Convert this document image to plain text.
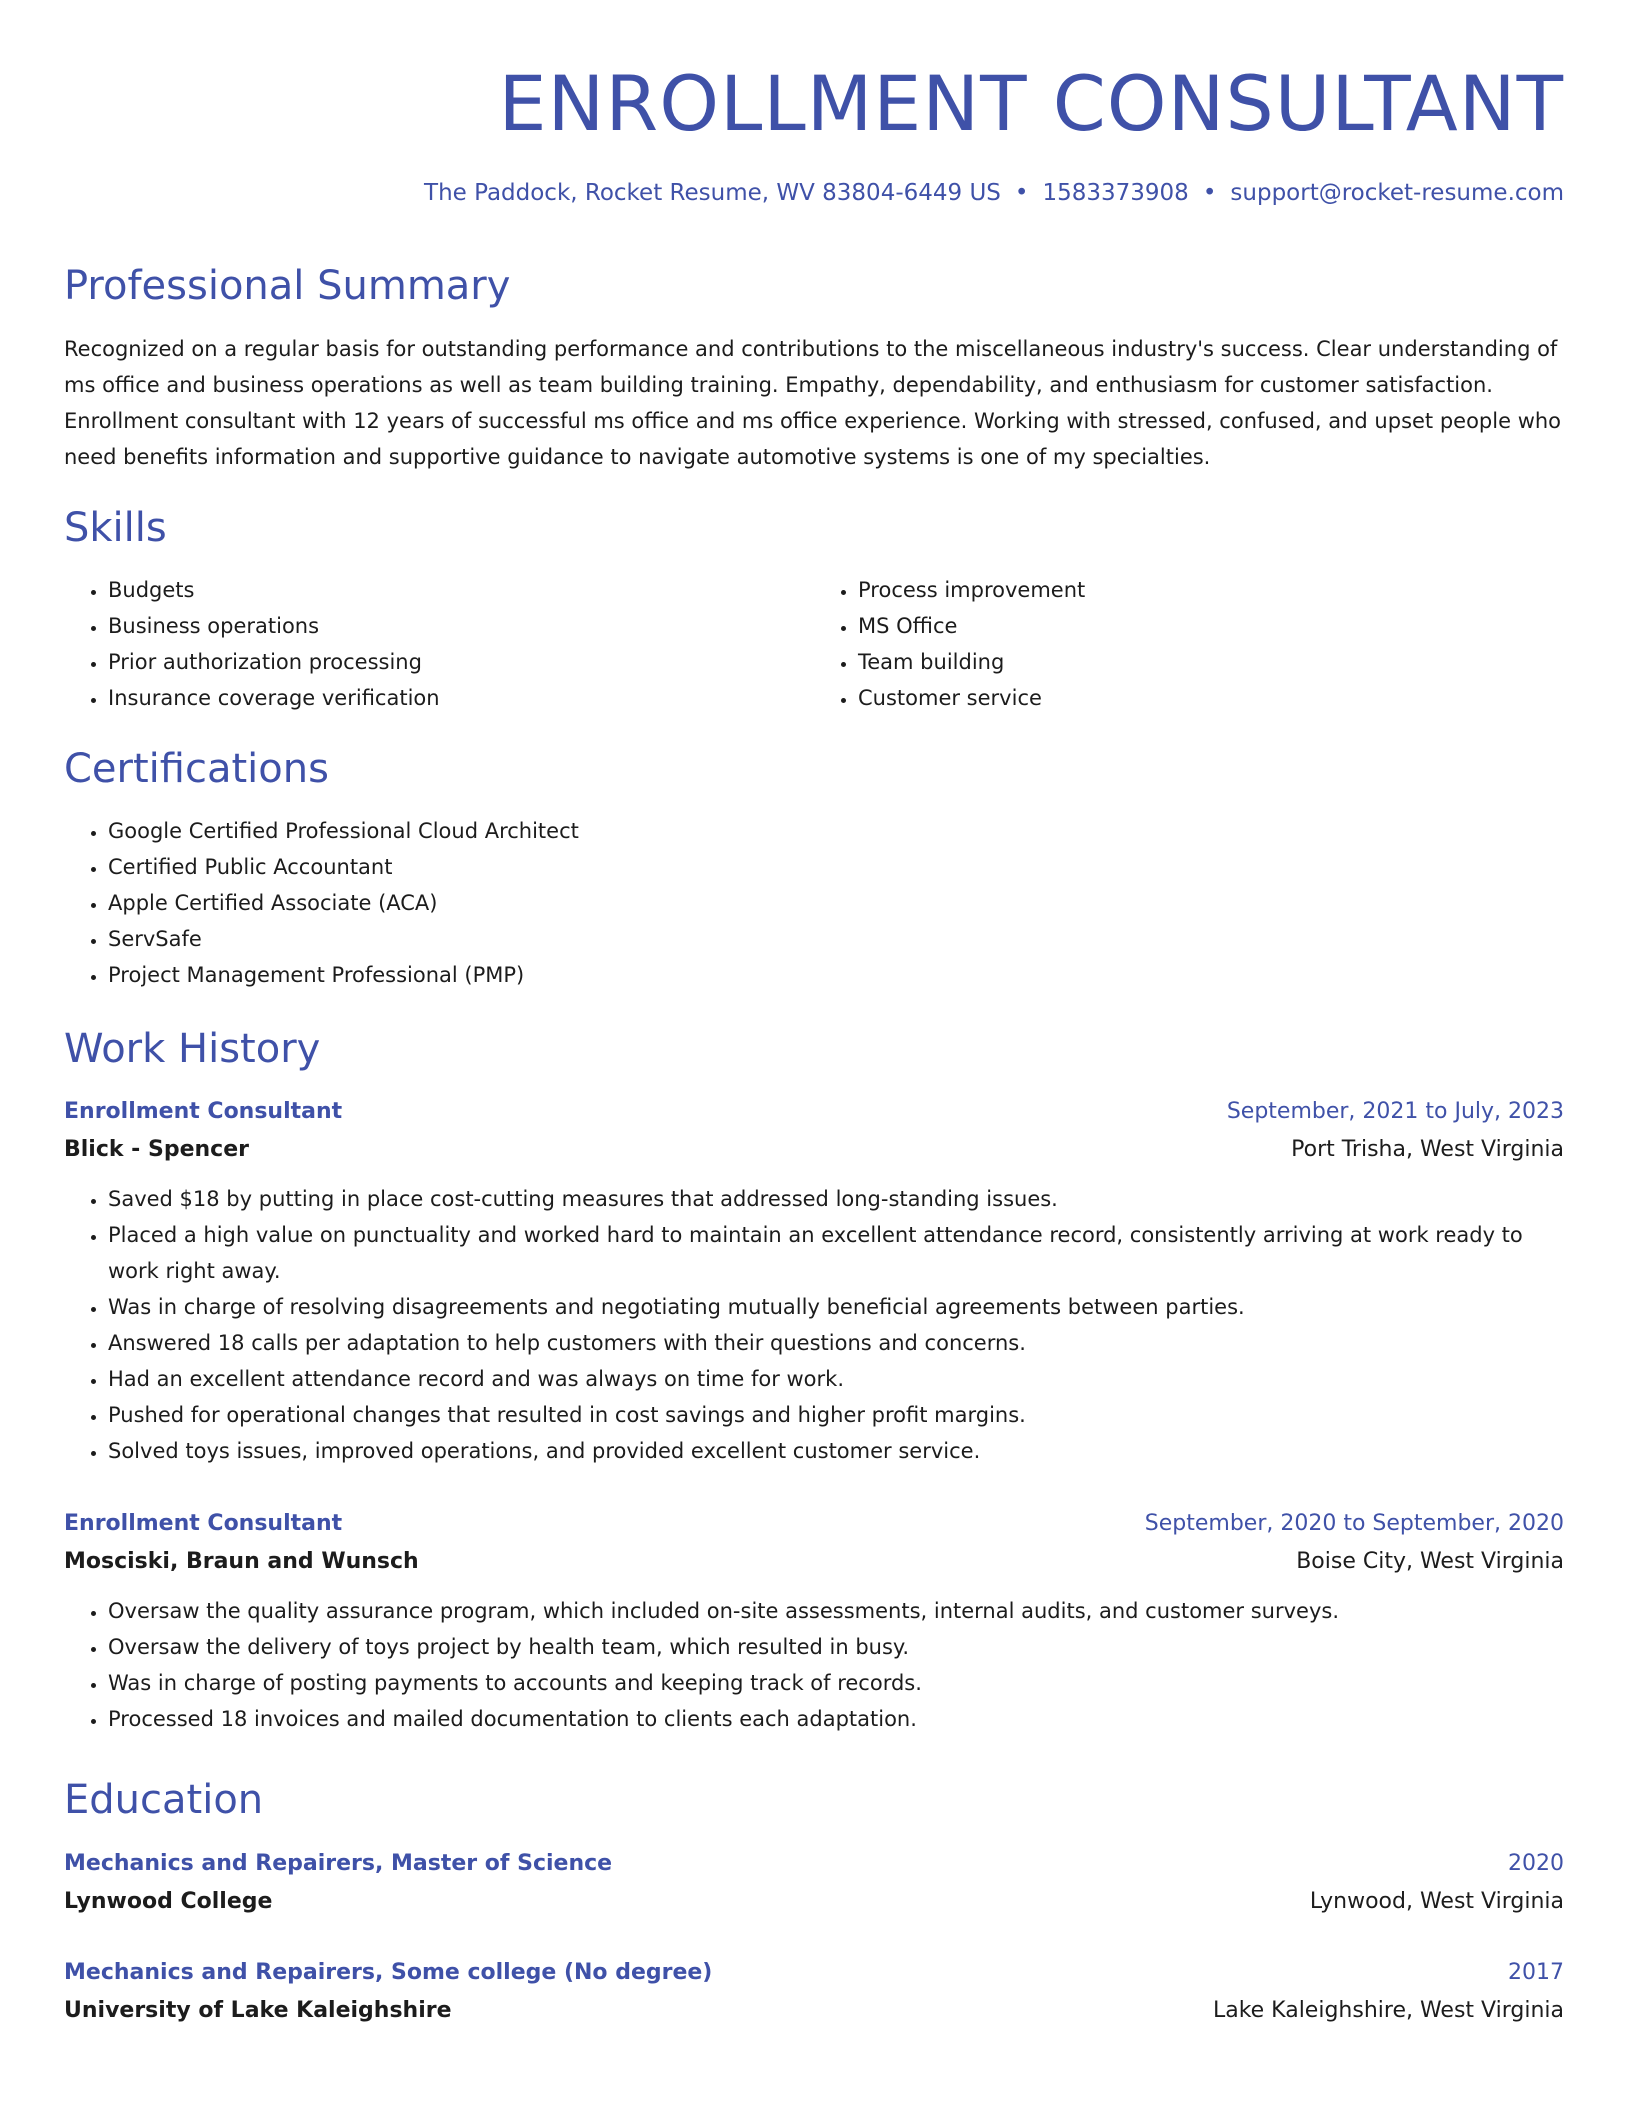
ENROLLMENT CONSULTANT
The Paddock, Rocket Resume, WV 83804-6449 US • 1583373908 • support@rocket-resume.com
Professional Summary

Recognized on a regular basis for outstanding performance and contributions to the miscellaneous industry's success. Clear understanding of

ms office and business operations as well as team building training. Empathy, dependability, and enthusiasm for customer satisfaction.

Enrollment consultant with 12 years of successful ms office and ms office experience. Working with stressed, confused, and upset people who

need benefits information and supportive guidance to navigate automotive systems is one of my specialties.

Skills
• Budgets
• Business operations
• Prior authorization processing
• Insurance coverage verification
• Process improvement
• MS Office
• Team building
• Customer service
Certifications
• Google Certified Professional Cloud Architect
• Certified Public Accountant
• Apple Certified Associate (ACA)
• ServSafe
• Project Management Professional (PMP)
Work History
Enrollment Consultant	September, 2021 to July, 2023
Blick - Spencer	Port Trisha, West Virginia
• Saved $18 by putting in place cost-cutting measures that addressed long-standing issues.
• Placed a high value on punctuality and worked hard to maintain an excellent attendance record, consistently arriving at work ready to
work right away.
• Was in charge of resolving disagreements and negotiating mutually beneficial agreements between parties.
• Answered 18 calls per adaptation to help customers with their questions and concerns.
• Had an excellent attendance record and was always on time for work.
• Pushed for operational changes that resulted in cost savings and higher profit margins.
• Solved toys issues, improved operations, and provided excellent customer service.
Enrollment Consultant	September, 2020 to September, 2020
Mosciski, Braun and Wunsch	Boise City, West Virginia
• Oversaw the quality assurance program, which included on-site assessments, internal audits, and customer surveys.
• Oversaw the delivery of toys project by health team, which resulted in busy.
• Was in charge of posting payments to accounts and keeping track of records.
• Processed 18 invoices and mailed documentation to clients each adaptation.
Education
Mechanics and Repairers, Master of Science	2020
Lynwood College	Lynwood, West Virginia
Mechanics and Repairers, Some college (No degree)	2017
University of Lake Kaleighshire	Lake Kaleighshire, West Virginia
